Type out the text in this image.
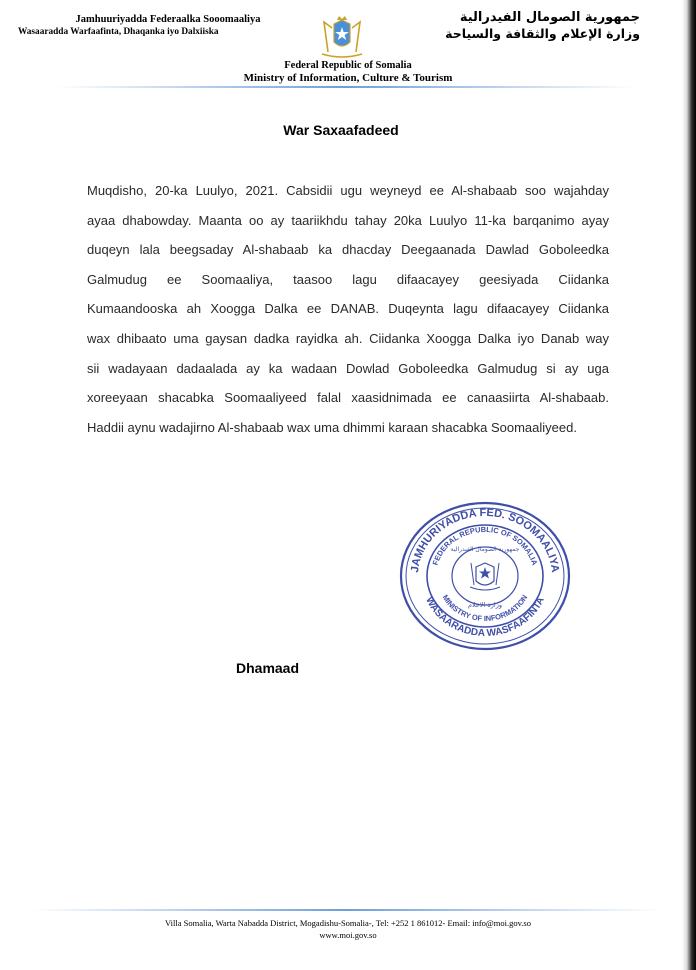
Jamhuuriyadda Federaalka Sooomaaliya
Wasaaradda Warfaafinta, Dhaqanka iyo Dalxiiska
جمهورية الصومال الفيدرالية
وزارة الإعلام والثقافة والسياحة
Federal Republic of Somalia
Ministry of Information, Culture & Tourism
War Saxaafadeed
Muqdisho, 20-ka Luulyo, 2021. Cabsidii ugu weyneyd ee Al-shabaab soo wajahday
ayaa dhabowday. Maanta oo ay taariikhdu tahay 20ka Luulyo 11-ka barqanimo ayay
duqeyn lala beegsaday Al-shabaab ka dhacday Deegaanada Dawlad Goboleedka
Galmudug ee Soomaaliya, taasoo lagu difaacayey geesiyada Ciidanka
Kumaandooska ah Xoogga Dalka ee DANAB. Duqeynta lagu difaacayey Ciidanka
wax dhibaato uma gaysan dadka rayidka ah. Ciidanka Xoogga Dalka iyo Danab way
sii wadayaan dadaalada ay ka wadaan Dowlad Goboleedka Galmudug si ay uga
xoreeyaan shacabka Soomaaliyeed falal xaasidnimada ee canaasiirta Al-shabaab.
Haddii aynu wadajirno Al-shabaab wax uma dhimmi karaan shacabka Soomaaliyeed.
JAMHURIYADDA FED. SOOMAALIYA
WASAARADDA WASFAAFINTA
FEDERAL REPUBLIC OF SOMALIA
MINISTRY OF INFORMATION
جمهورية الصومال الفيدرالية
وزارة الاعلام
Dhamaad
Villa Somalia, Warta Nabadda District, Mogadishu-Somalia-, Tel: +252 1 861012- Email: info@moi.gov.so
www.moi.gov.so
